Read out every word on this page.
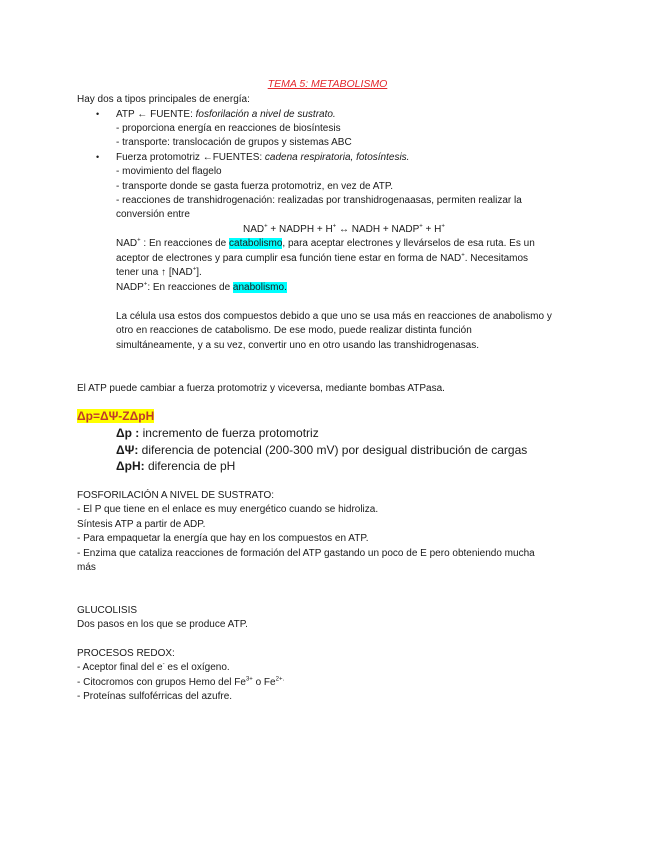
TEMA 5: METABOLISMO
Hay dos a tipos principales de energía:
• ATP ← FUENTE: fosforilación a nivel de sustrato.
- proporciona energía en reacciones de biosíntesis
- transporte: translocación de grupos y sistemas ABC
• Fuerza protomotriz ←FUENTES: cadena respiratoria, fotosíntesis.
- movimiento del flagelo
- transporte donde se gasta fuerza protomotriz, en vez de ATP.
- reacciones de transhidrogenación: realizadas por transhidrogenaasas, permiten realizar la
conversión entre
NAD+ + NADPH + H+ ↔ NADH + NADP+ + H+
NAD+ : En reacciones de catabolismo, para aceptar electrones y llevárselos de esa ruta. Es un
aceptor de electrones y para cumplir esa función tiene estar en forma de NAD+. Necesitamos
tener una ↑ [NAD+].
NADP+: En reacciones de anabolismo.
La célula usa estos dos compuestos debido a que uno se usa más en reacciones de anabolismo y
otro en reacciones de catabolismo. De ese modo, puede realizar distinta función
simultáneamente, y a su vez, convertir uno en otro usando las transhidrogenasas.
El ATP puede cambiar a fuerza protomotriz y viceversa, mediante bombas ATPasa.
Δp=ΔΨ-ZΔpH
Δp : incremento de fuerza protomotriz
ΔΨ: diferencia de potencial (200-300 mV) por desigual distribución de cargas
ΔpH: diferencia de pH
FOSFORILACIÓN A NIVEL DE SUSTRATO:
- El P que tiene en el enlace es muy energético cuando se hidroliza.
Síntesis ATP a partir de ADP.
- Para empaquetar la energía que hay en los compuestos en ATP.
- Enzima que cataliza reacciones de formación del ATP gastando un poco de E pero obteniendo mucha
más
GLUCOLISIS
Dos pasos en los que se produce ATP.
PROCESOS REDOX:
- Aceptor final del e- es el oxígeno.
- Citocromos con grupos Hemo del $Fe^{3+}$ o $Fe^{2+.}$
- Proteínas sulfoférricas del azufre.
